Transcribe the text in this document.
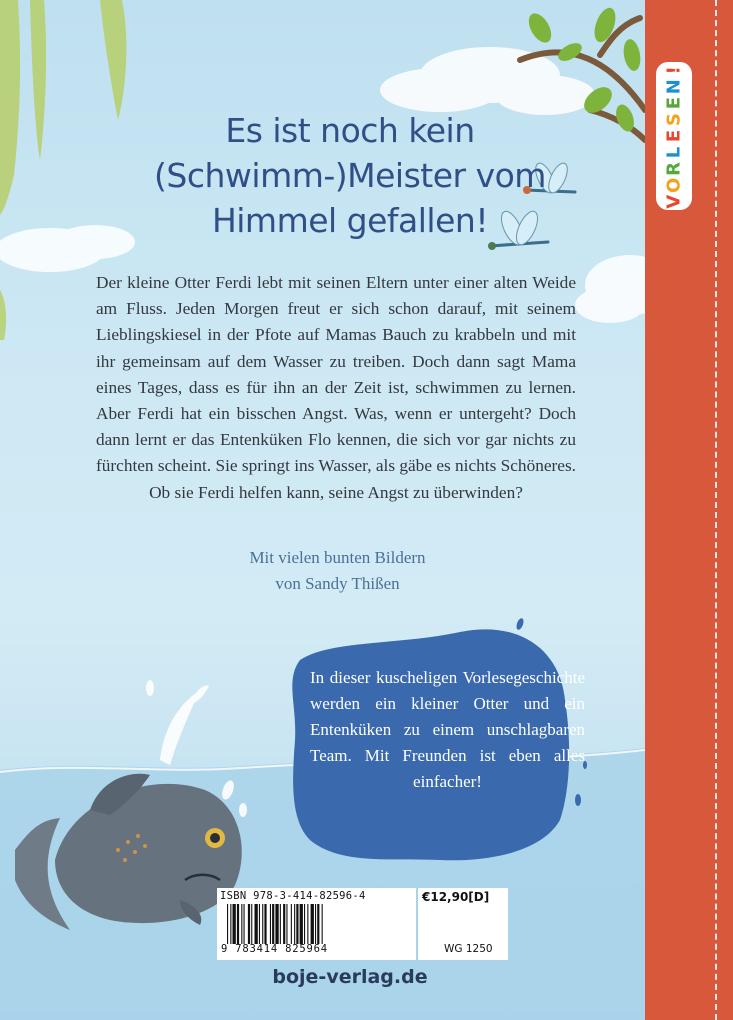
Es ist noch kein
(Schwimm-)Meister vom
Himmel gefallen!

Der kleine Otter Ferdi lebt mit seinen Eltern unter einer alten Weide am Fluss. Jeden Morgen freut er sich schon darauf, mit seinem Lieblingskiesel in der Pfote auf Mamas Bauch zu krabbeln und mit ihr gemeinsam auf dem Wasser zu treiben. Doch dann sagt Mama eines Tages, dass es für ihn an der Zeit ist, schwimmen zu lernen. Aber Ferdi hat ein bisschen Angst. Was, wenn er untergeht? Doch dann lernt er das Entenküken Flo kennen, die sich vor gar nichts zu fürchten scheint. Sie springt ins Wasser, als gäbe es nichts Schöneres. Ob sie Ferdi helfen kann, seine Angst zu überwinden?

Mit vielen bunten Bildern
von Sandy Thißen

In dieser kuscheligen Vorlesegeschichte werden ein kleiner Otter und ein Entenküken zu einem unschlagbaren Team. Mit Freunden ist eben alles einfacher!

ISBN 978-3-414-82596-4
9 783414 825964
€12,90[D]
WG 1250

boje-verlag.de

V
O
R
L
E
S
E
N
!
